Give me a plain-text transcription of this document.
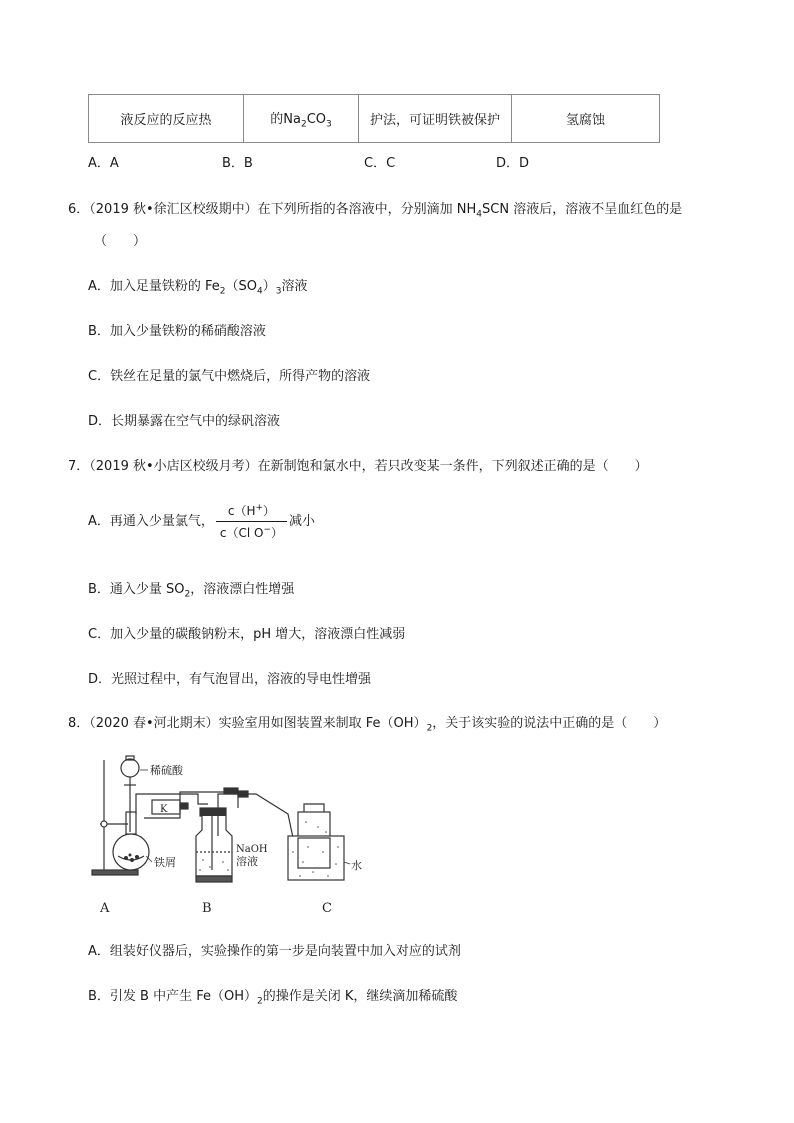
液反应的反应热	的$Na_2CO_3$	护法，可证明铁被保护	氢腐蚀
A．A	B．B	C．C	D．D
6．（2019 秋•徐汇区校级期中）在下列所指的各溶液中，分别滴加 $NH_4SCN$ 溶液后，溶液不呈血红色的是
（　　）
A．加入足量铁粉的 $Fe_2(SO_4)_3$溶液
B．加入少量铁粉的稀硝酸溶液
C．铁丝在足量的氯气中燃烧后，所得产物的溶液
D．长期暴露在空气中的绿矾溶液
7．（2019 秋•小店区校级月考）在新制饱和氯水中，若只改变某一条件，下列叙述正确的是（　　）
A．再通入少量氯气， $\frac{c(H^+)}{c(Cl O^-)}$ 减小
B．通入少量 $SO_2$，溶液漂白性增强
C．加入少量的碳酸钠粉末，pH 增大，溶液漂白性减弱
D．光照过程中，有气泡冒出，溶液的导电性增强
8．（2020 春•河北期末）实验室用如图装置来制取 $Fe(OH)_2$，关于该实验的说法中正确的是（　　）
稀硫酸
K
铁屑
NaOH
溶液	水
A	B	C
A．组装好仪器后，实验操作的第一步是向装置中加入对应的试剂
B．引发 B 中产生 $Fe(OH)_2$的操作是关闭 K，继续滴加稀硫酸
